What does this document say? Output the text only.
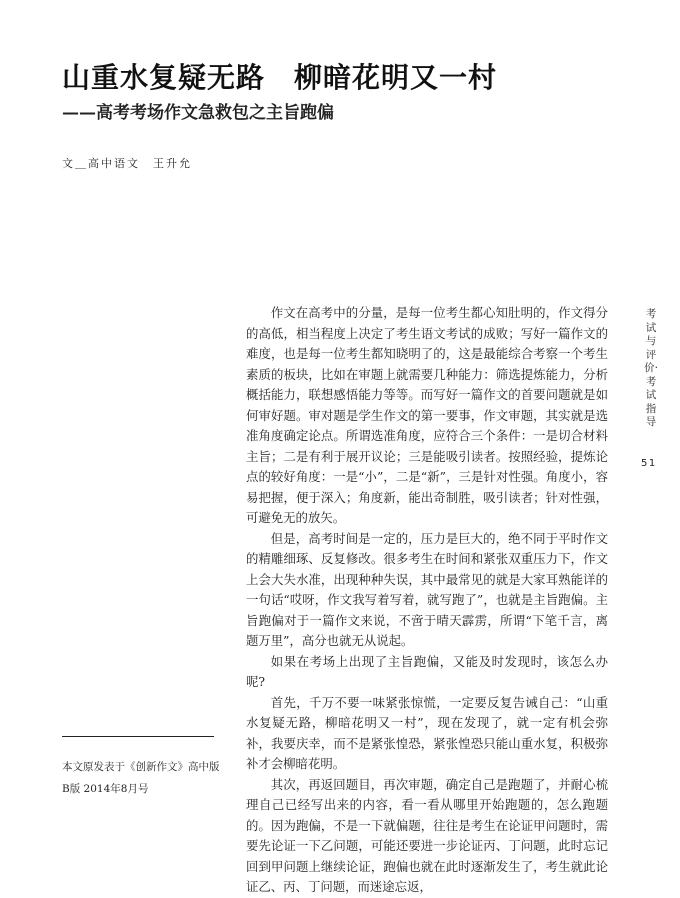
山重水复疑无路　柳暗花明又一村
——高考考场作文急救包之主旨跑偏
文＿高中语文　王升允

作文在高考中的分量，是每一位考生都心知肚明的，作文得分的高低，相当程度上决定了考生语文考试的成败；写好一篇作文的难度，也是每一位考生都知晓明了的，这是最能综合考察一个考生素质的板块，比如在审题上就需要几种能力：筛选提炼能力，分析概括能力，联想感悟能力等等。而写好一篇作文的首要问题就是如何审好题。审对题是学生作文的第一要事，作文审题，其实就是选准角度确定论点。所谓选准角度，应符合三个条件：一是切合材料主旨；二是有利于展开议论；三是能吸引读者。按照经验，提炼论点的较好角度：一是“小”，二是“新”，三是针对性强。角度小，容易把握，便于深入；角度新，能出奇制胜，吸引读者；针对性强，可避免无的放矢。

但是，高考时间是一定的，压力是巨大的，绝不同于平时作文的精雕细琢、反复修改。很多考生在时间和紧张双重压力下，作文上会大失水准，出现种种失误，其中最常见的就是大家耳熟能详的一句话“哎呀，作文我写着写着，就写跑了”，也就是主旨跑偏。主旨跑偏对于一篇作文来说，不啻于晴天霹雳，所谓“下笔千言，离题万里”，高分也就无从说起。

如果在考场上出现了主旨跑偏，又能及时发现时，该怎么办呢?

首先，千万不要一味紧张惊慌，一定要反复告诫自己：“山重水复疑无路，柳暗花明又一村”，现在发现了，就一定有机会弥补，我要庆幸，而不是紧张惶恐，紧张惶恐只能山重水复，积极弥补才会柳暗花明。

其次，再返回题目，再次审题，确定自己是跑题了，并耐心梳理自己已经写出来的内容，看一看从哪里开始跑题的，怎么跑题的。因为跑偏，不是一下就偏题，往往是考生在论证甲问题时，需要先论证一下乙问题，可能还要进一步论证丙、丁问题，此时忘记回到甲问题上继续论证，跑偏也就在此时逐渐发生了，考生就此论证乙、丙、丁问题，而迷途忘返，

本文原发表于《创新作文》高中版B版 2014年8月号
考试与评价·考试指导
51
